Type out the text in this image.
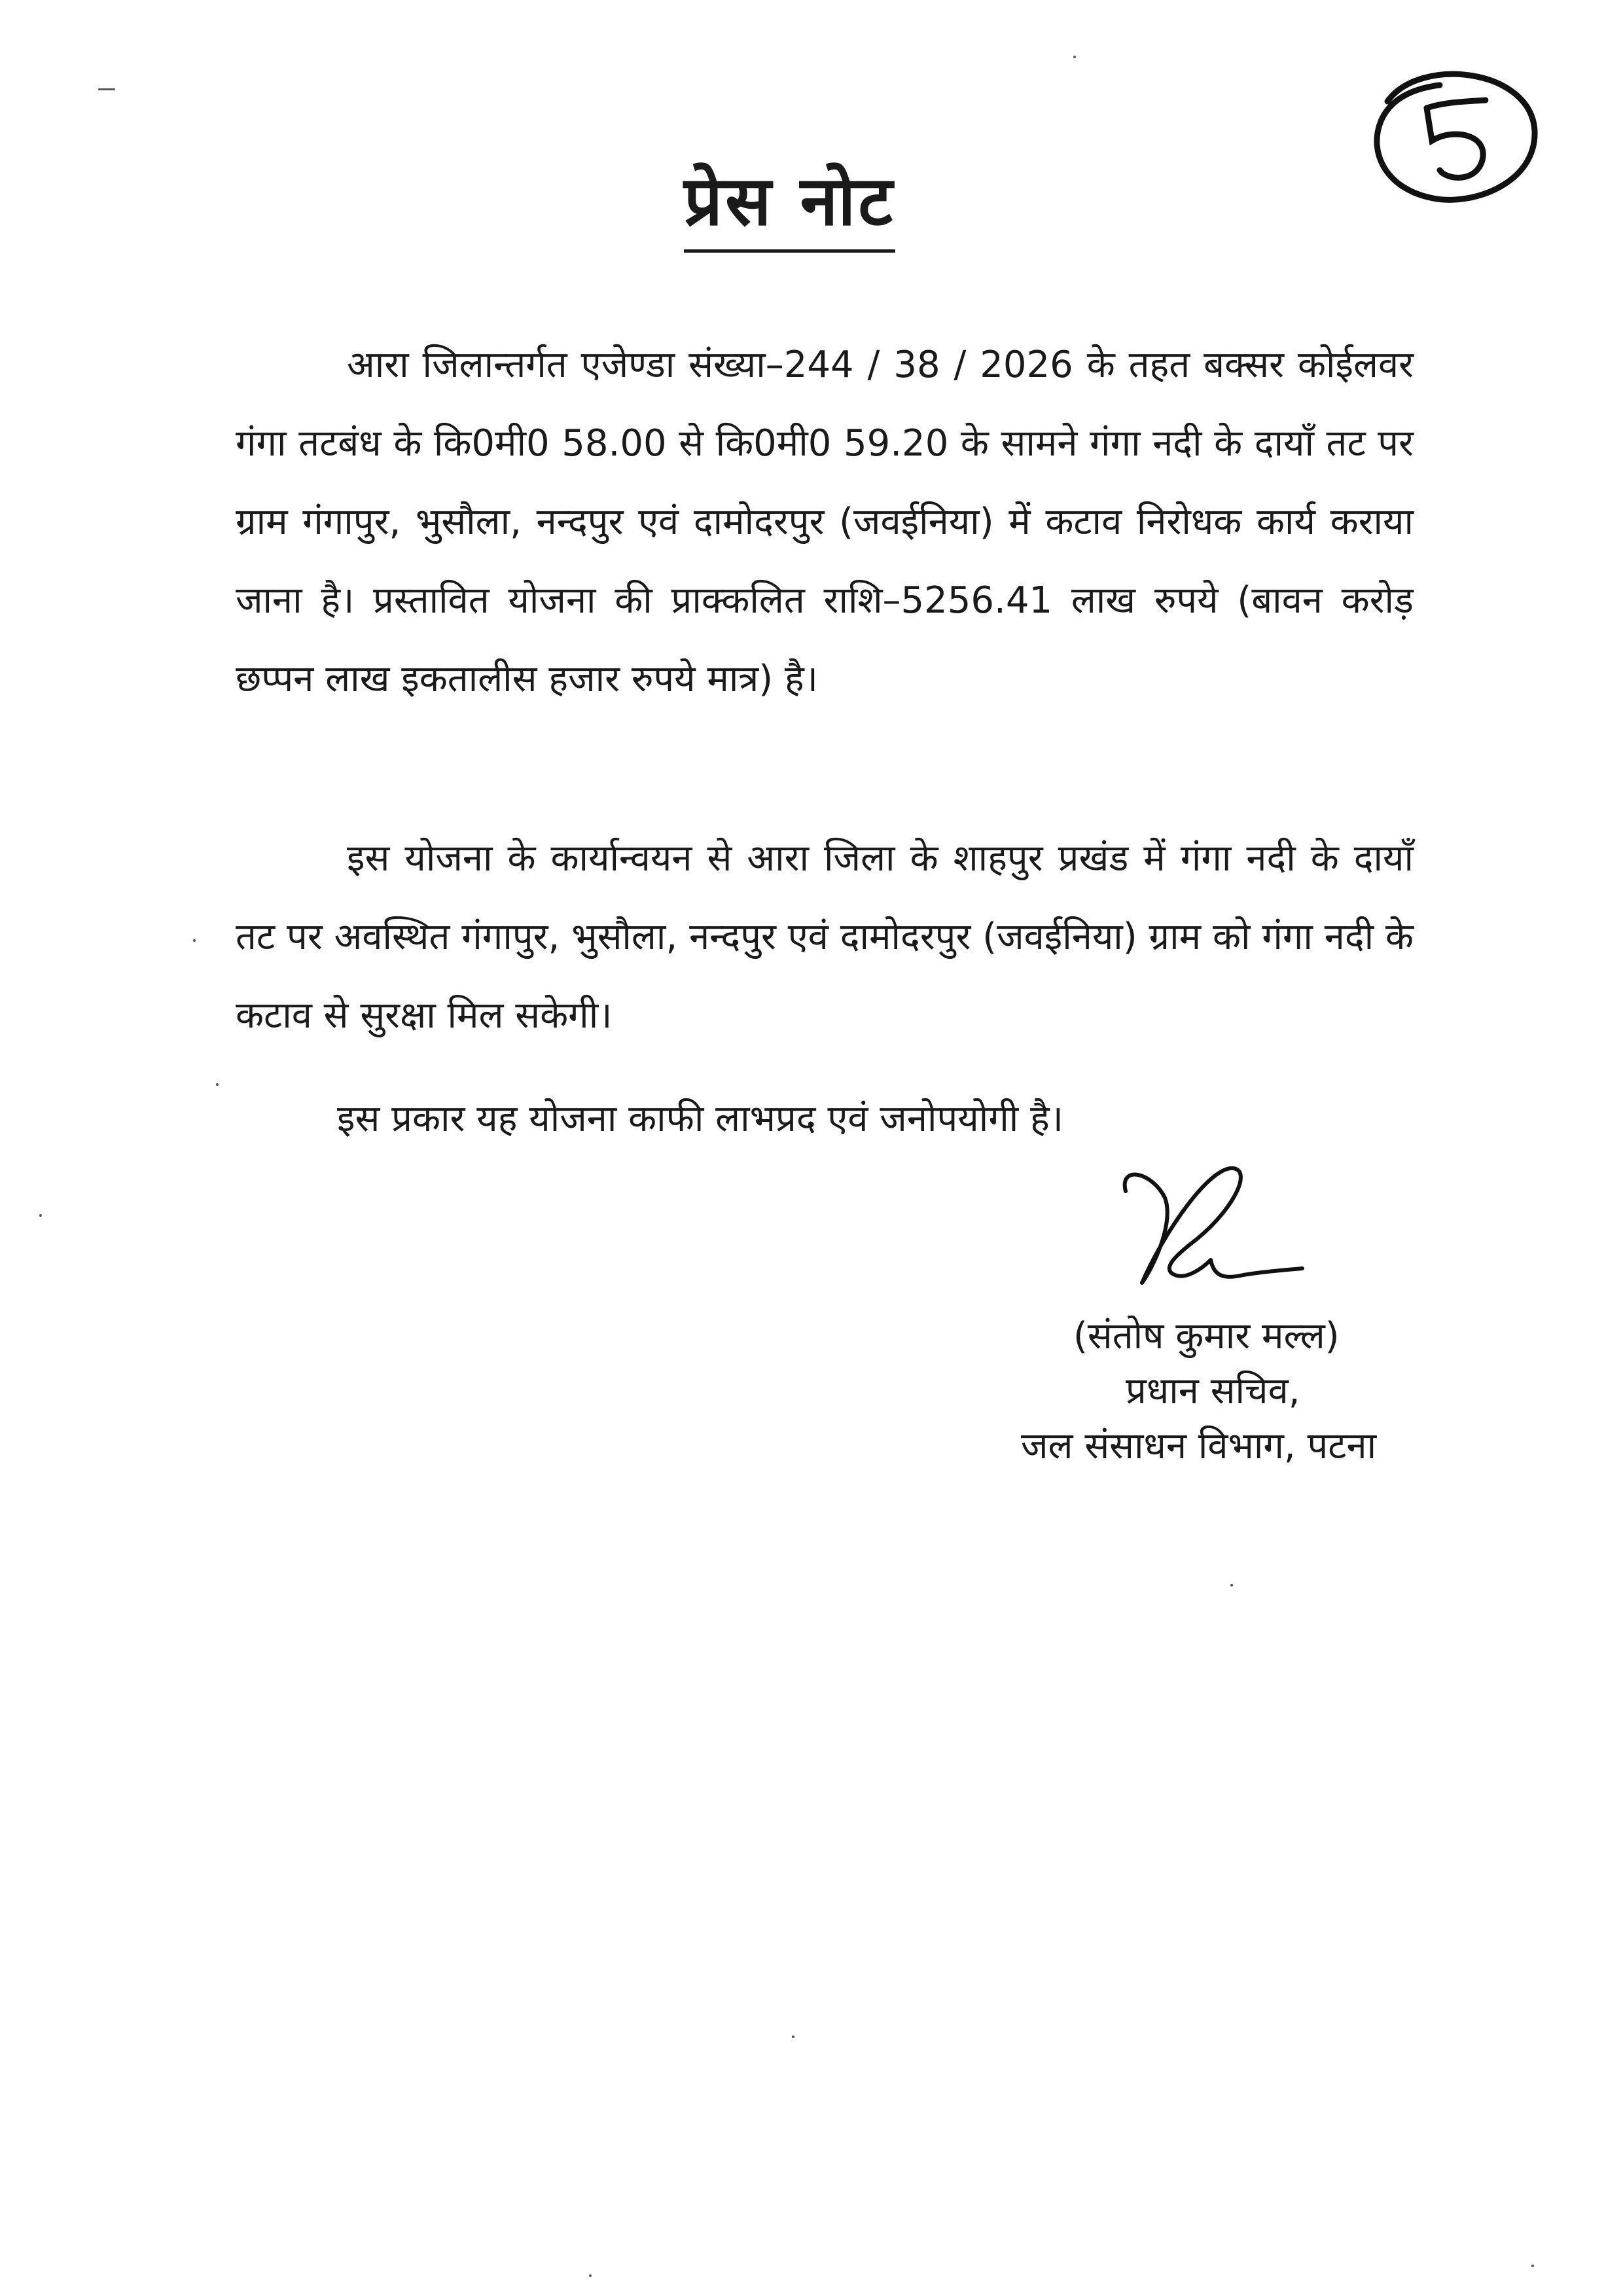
प्रेस नोट

आरा जिलान्तर्गत एजेण्डा संख्या–244 / 38 / 2026 के तहत बक्सर कोईलवर गंगा तटबंध के कि0मी0 58.00 से कि0मी0 59.20 के सामने गंगा नदी के दायाँ तट पर ग्राम गंगापुर, भुसौला, नन्दपुर एवं दामोदरपुर (जवईनिया) में कटाव निरोधक कार्य कराया जाना है। प्रस्तावित योजना की प्राक्कलित राशि–5256.41 लाख रुपये (बावन करोड़ छप्पन लाख इकतालीस हजार रुपये मात्र) है।

इस योजना के कार्यान्वयन से आरा जिला के शाहपुर प्रखंड में गंगा नदी के दायाँ तट पर अवस्थित गंगापुर, भुसौला, नन्दपुर एवं दामोदरपुर (जवईनिया) ग्राम को गंगा नदी के कटाव से सुरक्षा मिल सकेगी।

इस प्रकार यह योजना काफी लाभप्रद एवं जनोपयोगी है।

(संतोष कुमार मल्ल)
प्रधान सचिव,
जल संसाधन विभाग, पटना
